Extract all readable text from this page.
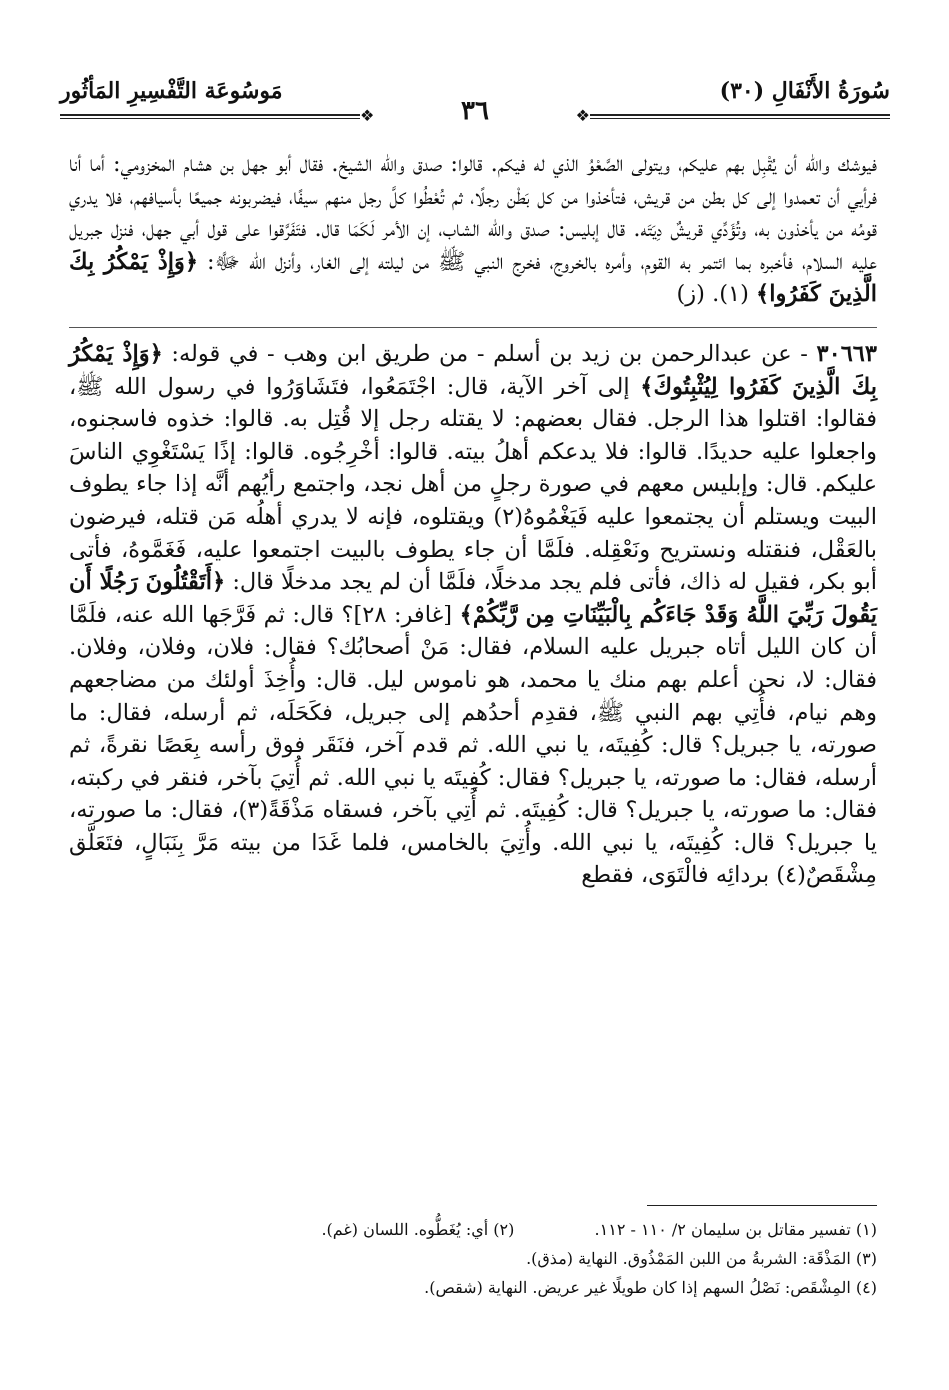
سُورَةُ الأَنْفَالِ (٣٠)
مَوسُوعَة التَّفْسِيرِ المَأثُور
❖
❖	٣٦

فيوشك والله أن يُقْبِل بهم عليكم، ويتولى الصَّعْوُ الذي له فيكم. قالوا: صدق والله الشيخ. فقال أبو جهل بن هشام المخزومي: أما أنا فرأيي أن تعمدوا إلى كل بطن من قريش، فتأخذوا من كل بَطْن رجلًا، ثم تُعْطُوا كلَّ رجل منهم سيفًا، فيضربونه جميعًا بأسيافهم، فلا يدري قومُه من يأخذون به، وتُؤَدِّي قريشٌ دِيَتَه. قال إبليس: صدق والله الشاب، إن الأمر لَكَمَا قال. فتَفَرَّقوا على قول أبي جهل، فنزل جبريل عليه السلام، فأخبره بما ائتمر به القوم، وأمره بالخروج، فخرج النبي ﷺ من ليلته إلى الغار، وأنزل الله ﷻ: ﴿وَإِذْ يَمْكُرُ بِكَ الَّذِينَ كَفَرُوا﴾ (١). (ز)

٣٠٦٦٣ - عن عبدالرحمن بن زيد بن أسلم - من طريق ابن وهب - في قوله: ﴿وَإِذْ يَمْكُرُ بِكَ الَّذِينَ كَفَرُوا لِيُثْبِتُوكَ﴾ إلى آخر الآية، قال: اجْتَمَعُوا، فتَشَاوَرُوا في رسول الله ﷺ، فقالوا: اقتلوا هذا الرجل. فقال بعضهم: لا يقتله رجل إلا قُتِل به. قالوا: خذوه فاسجنوه، واجعلوا عليه حديدًا. قالوا: فلا يدعكم أهلُ بيته. قالوا: أخْرِجُوه. قالوا: إذًا يَسْتَغْوِي الناسَ عليكم. قال: وإبليس معهم في صورة رجلٍ من أهل نجد، واجتمع رأيُهم أنَّه إذا جاء يطوف البيت ويستلم أن يجتمعوا عليه فَيَغْمُوهُ(٢) ويقتلوه، فإنه لا يدري أهلُه مَن قتله، فيرضون بالعَقْل، فنقتله ونستريح ونَعْقِله. فلَمَّا أن جاء يطوف بالبيت اجتمعوا عليه، فَغَمَّوهُ، فأتى أبو بكر، فقيل له ذاك، فأتى فلم يجد مدخلًا، فلَمَّا أن لم يجد مدخلًا قال: ﴿أَتَقْتُلُونَ رَجُلًا أَن يَقُولَ رَبِّيَ اللَّهُ وَقَدْ جَاءَكُم بِالْبَيِّنَاتِ مِن رَّبِّكُمْ﴾ [غافر: ٢٨]؟ قال: ثم فَرَّجَها الله عنه، فلَمَّا أن كان الليل أتاه جبريل عليه السلام، فقال: مَنْ أصحابُك؟ فقال: فلان، وفلان، وفلان. فقال: لا، نحن أعلم بهم منك يا محمد، هو ناموس ليل. قال: وأُخِذَ أولئك من مضاجعهم وهم نيام، فأُتِي بهم النبي ﷺ، فقدِم أحدُهم إلى جبريل، فكَحَلَه، ثم أرسله، فقال: ما صورته، يا جبريل؟ قال: كُفِيتَه، يا نبي الله. ثم قدم آخر، فنَقَر فوق رأسه بِعَصًا نقرةً، ثم أرسله، فقال: ما صورته، يا جبريل؟ فقال: كُفِيتَه يا نبي الله. ثم أُتِيَ بآخر، فنقر في ركبته، فقال: ما صورته، يا جبريل؟ قال: كُفِيتَه. ثم أُتِي بآخر، فسقاه مَذْقَةً(٣)، فقال: ما صورته، يا جبريل؟ قال: كُفِيتَه، يا نبي الله. وأُتِيَ بالخامس، فلما غَدَا من بيته مَرَّ بِنَبَالٍ، فتَعَلَّق مِشْقَصٌ(٤) بردائِه فالْتَوَى، فقطع

(١) تفسير مقاتل بن سليمان ٢/ ١١٠ - ١١٢.  (٢) أي: يُغَطُّوه. اللسان (غم).
(٣) المَذْقَة: الشربةُ من اللبن المَمْذُوق. النهاية (مذق).
(٤) المِشْقَص: نَصْلُ السهم إذا كان طويلًا غير عريض. النهاية (شقص).
